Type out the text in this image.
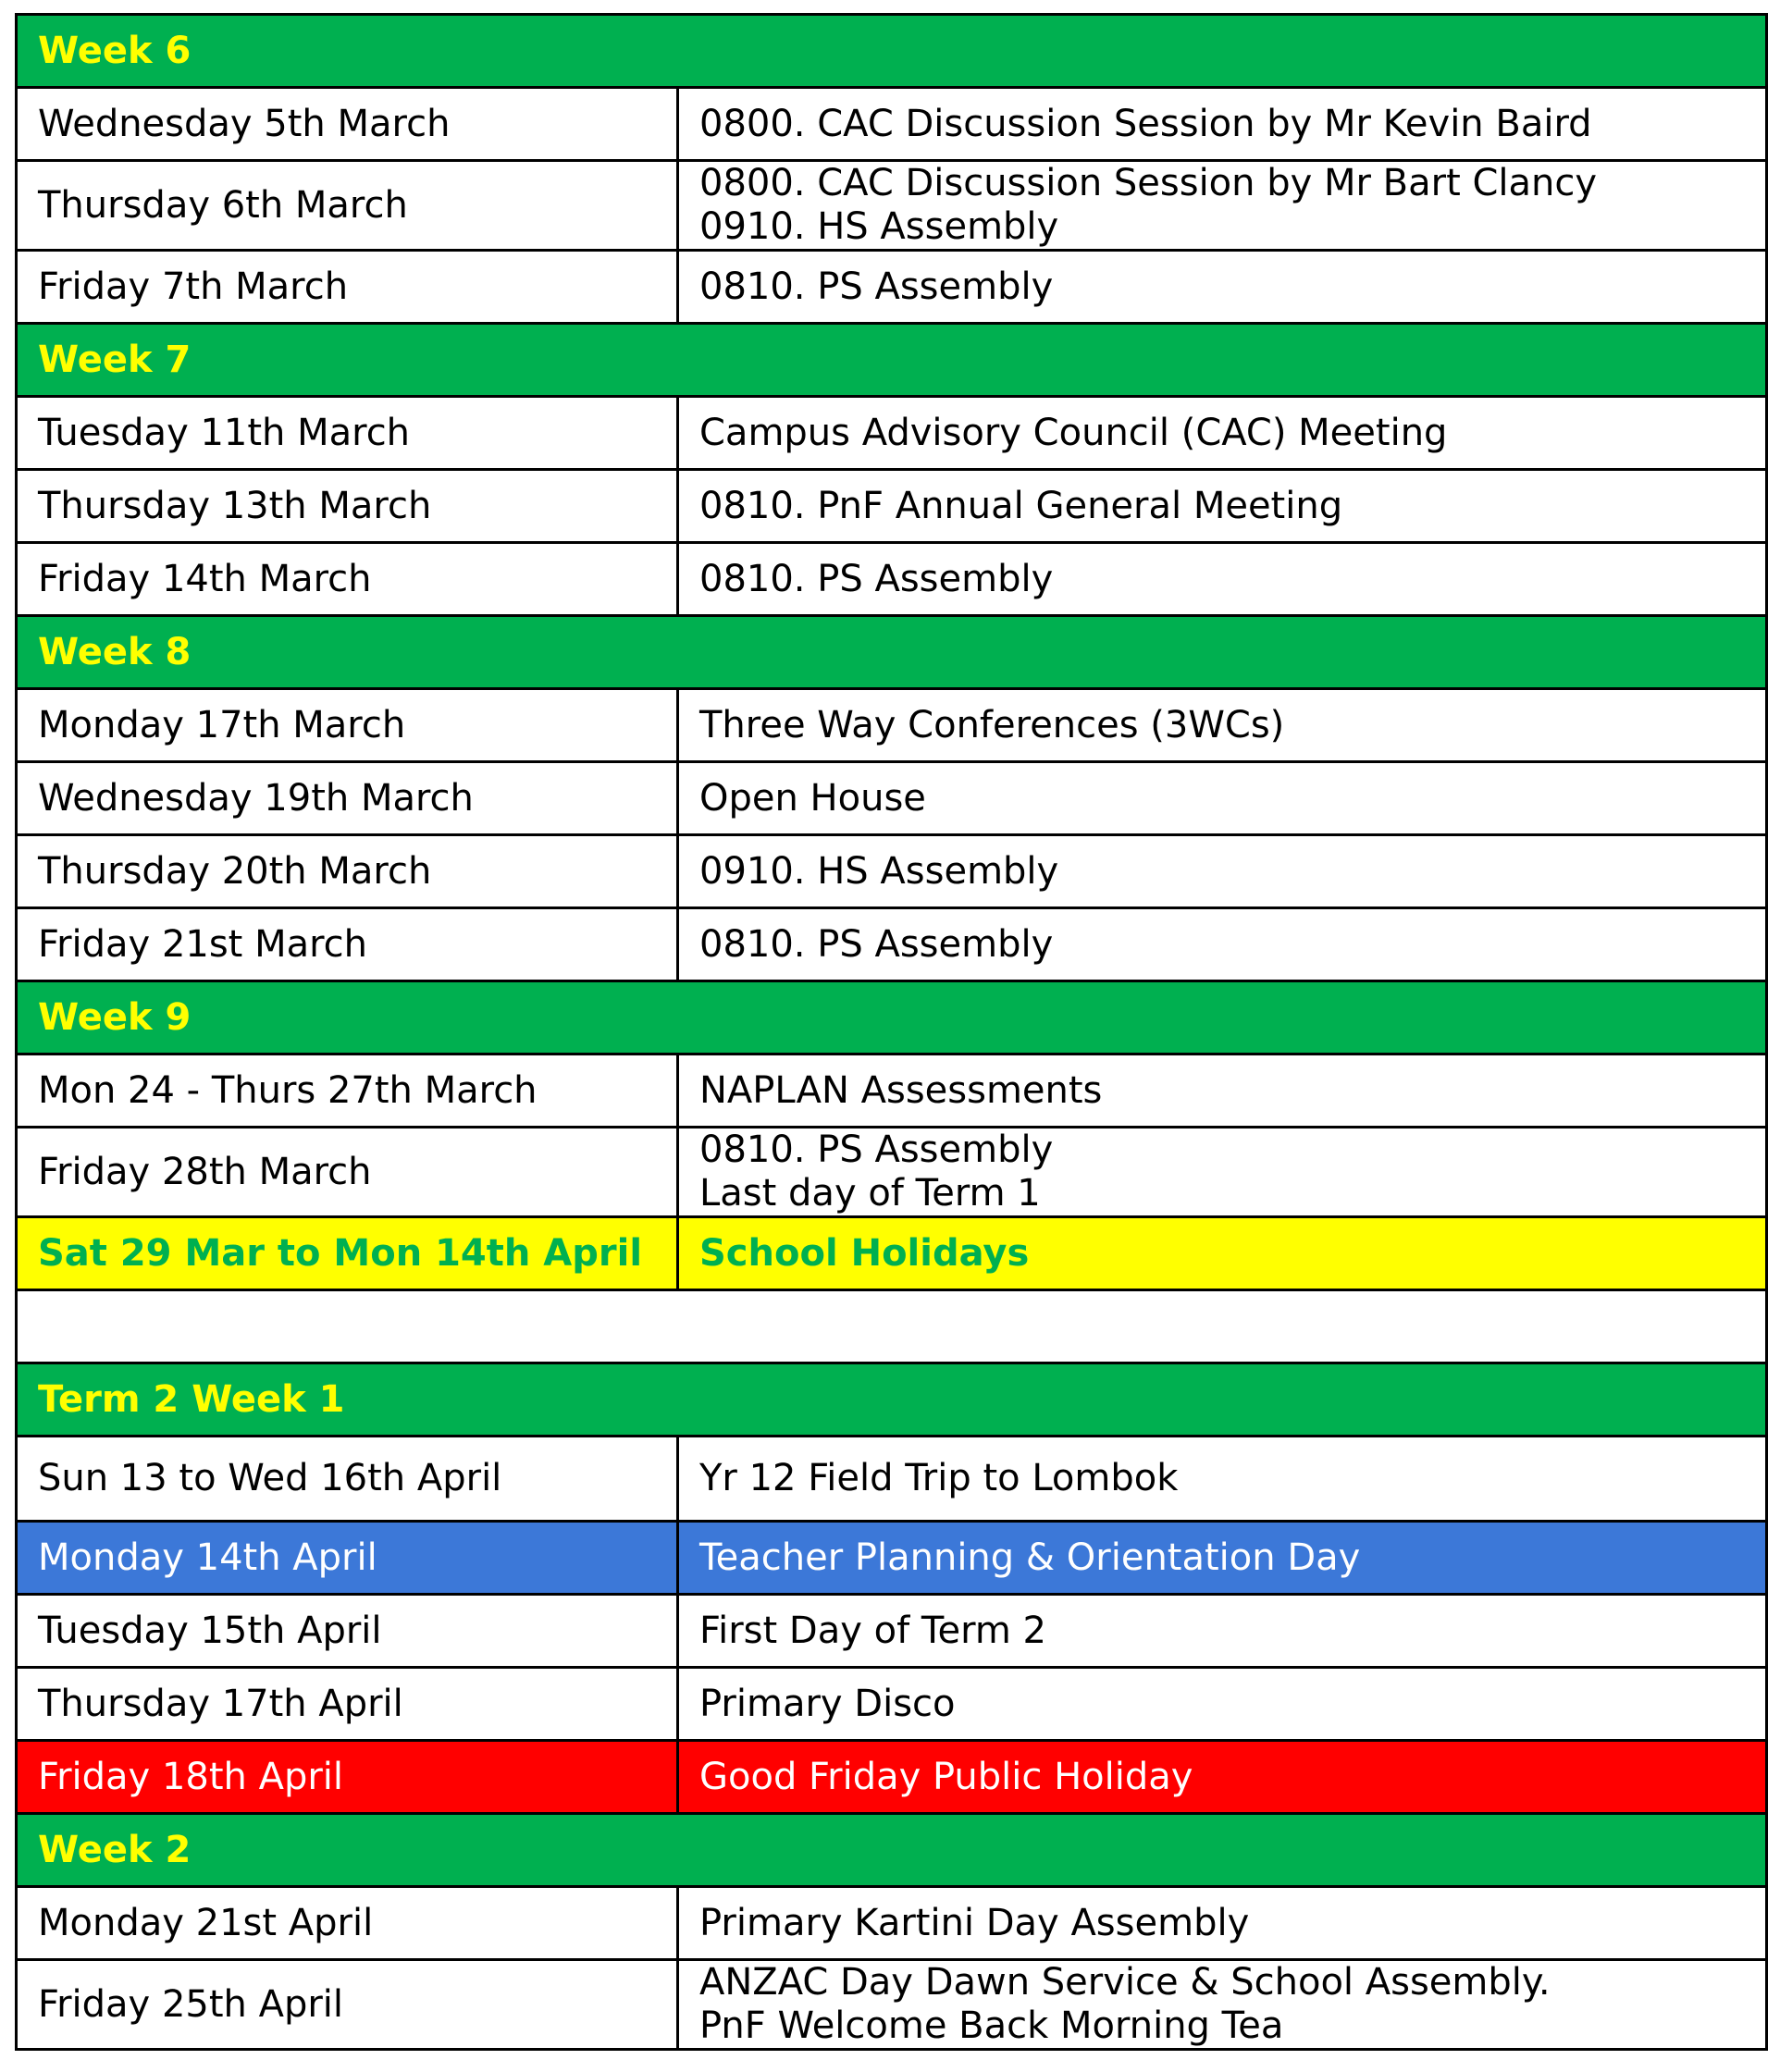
Week 6	
Wednesday 5th March	0800. CAC Discussion Session by Mr Kevin Baird
Thursday 6th March	0800. CAC Discussion Session by Mr Bart Clancy
0910. HS Assembly

Friday 7th March	0810. PS Assembly
Week 7	
Tuesday 11th March	Campus Advisory Council (CAC) Meeting
Thursday 13th March	0810. PnF Annual General Meeting
Friday 14th March	0810. PS Assembly
Week 8	
Monday 17th March	Three Way Conferences (3WCs)
Wednesday 19th March	Open House
Thursday 20th March	0910. HS Assembly
Friday 21st March	0810. PS Assembly
Week 9	
Mon 24 - Thurs 27th March	NAPLAN Assessments
Friday 28th March	0810. PS Assembly
Last day of Term 1

Sat 29 Mar to Mon 14th April	School Holidays

Term 2 Week 1	
Sun 13 to Wed 16th April	Yr 12 Field Trip to Lombok
Monday 14th April	Teacher Planning & Orientation Day
Tuesday 15th April	First Day of Term 2
Thursday 17th April	Primary Disco
Friday 18th April	Good Friday Public Holiday
Week 2	
Monday 21st April	Primary Kartini Day Assembly
Friday 25th April	ANZAC Day Dawn Service & School Assembly.
PnF Welcome Back Morning Tea
